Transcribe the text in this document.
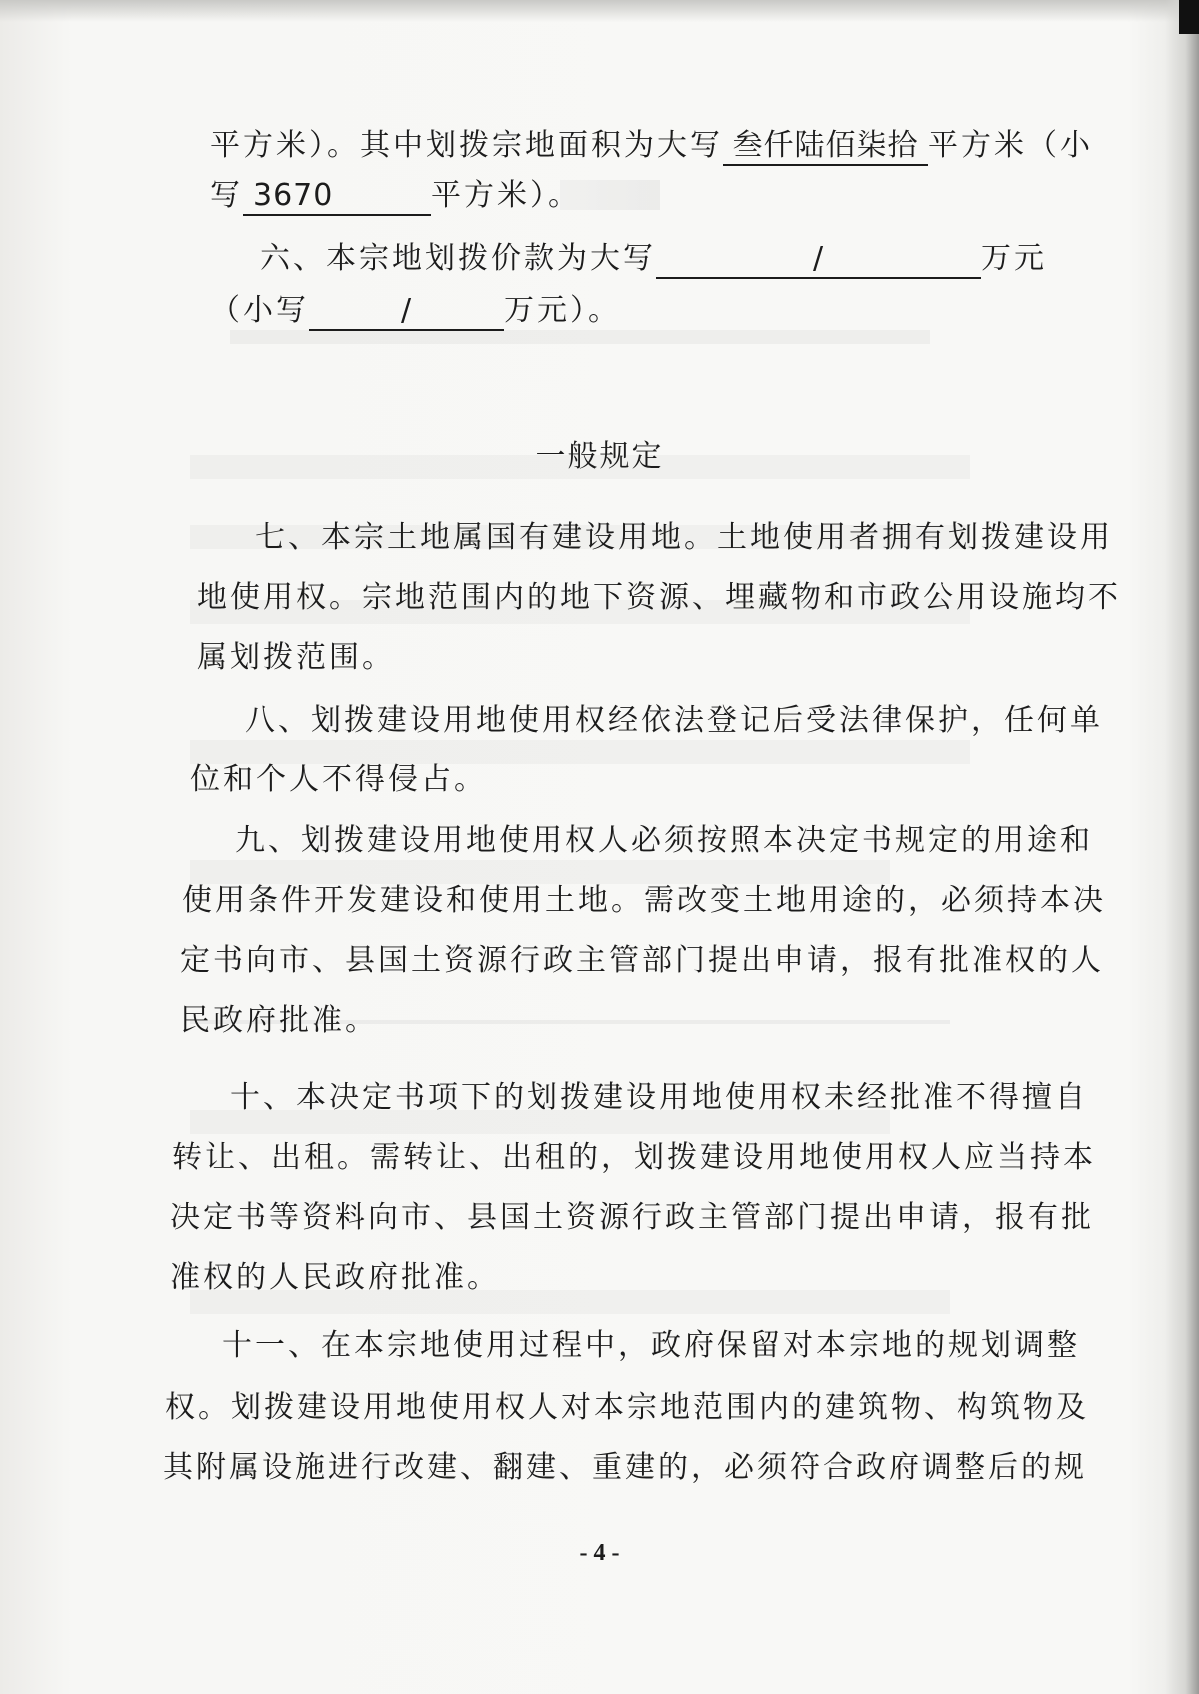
平方米）。其中划拨宗地面积为大写 叁仟陆佰柒拾 平方米（小
写 3670	平方米）。
六、本宗地划拨价款为大写	/	万元
（小写	/	万元）。
一般规定
七、本宗土地属国有建设用地。土地使用者拥有划拨建设用
地使用权。宗地范围内的地下资源、埋藏物和市政公用设施均不
属划拨范围。
八、划拨建设用地使用权经依法登记后受法律保护，任何单
位和个人不得侵占。
九、划拨建设用地使用权人必须按照本决定书规定的用途和
使用条件开发建设和使用土地。需改变土地用途的，必须持本决
定书向市、县国土资源行政主管部门提出申请，报有批准权的人
民政府批准。
十、本决定书项下的划拨建设用地使用权未经批准不得擅自
转让、出租。需转让、出租的，划拨建设用地使用权人应当持本
决定书等资料向市、县国土资源行政主管部门提出申请，报有批
准权的人民政府批准。
十一、在本宗地使用过程中，政府保留对本宗地的规划调整
权。划拨建设用地使用权人对本宗地范围内的建筑物、构筑物及
其附属设施进行改建、翻建、重建的，必须符合政府调整后的规
- 4 -
